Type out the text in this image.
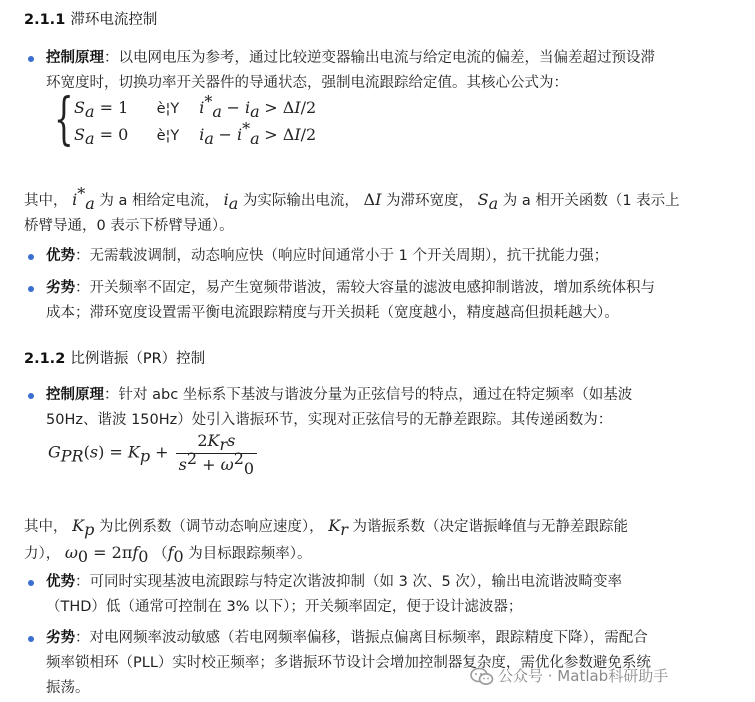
2.1.1 滞环电流控制
控制原理：以电网电压为参考，通过比较逆变器输出电流与给定电流的偏差，当偏差超过预设滞
环宽度时，切换功率开关器件的导通状态，强制电流跟踪给定值。其核心公式为：
{ $S_a = 1$ è¦Y $i^*_a - i_a > \Delta I/2$
$S_a = 0$ è¦Y $i_a - i^*_a > \Delta I/2$
其中， $i^*_a$ 为 a 相给定电流， $i_a$ 为实际输出电流， ΔI 为滞环宽度， $S_a$ 为 a 相开关函数（1 表示上
桥臂导通，0 表示下桥臂导通）。
优势：无需载波调制，动态响应快（响应时间通常小于 1 个开关周期），抗干扰能力强；
劣势：开关频率不固定，易产生宽频带谐波，需较大容量的滤波电感抑制谐波，增加系统体积与
成本；滞环宽度设置需平衡电流跟踪精度与开关损耗（宽度越小，精度越高但损耗越大）。
2.1.2 比例谐振（PR）控制
控制原理：针对 abc 坐标系下基波与谐波分量为正弦信号的特点，通过在特定频率（如基波
50Hz、谐波 150Hz）处引入谐振环节，实现对正弦信号的无静差跟踪。其传递函数为：
$G_{PR}(s) = K_p + \frac{2K_rs}{s^2 + \omega^2_0}$
其中， $K_p$ 为比例系数（调节动态响应速度）， $K_r$ 为谐振系数（决定谐振峰值与无静差跟踪能
力）， $\omega_0 = 2\pi f_0$ （$f_0$ 为目标跟踪频率）。
优势：可同时实现基波电流跟踪与特定次谐波抑制（如 3 次、5 次），输出电流谐波畸变率
（THD）低（通常可控制在 3% 以下）；开关频率固定，便于设计滤波器；
劣势：对电网频率波动敏感（若电网频率偏移，谐振点偏离目标频率，跟踪精度下降），需配合
频率锁相环（PLL）实时校正频率；多谐振环节设计会增加控制器复杂度，需优化参数避免系统
振荡。
公众号 · Matlab科研助手
